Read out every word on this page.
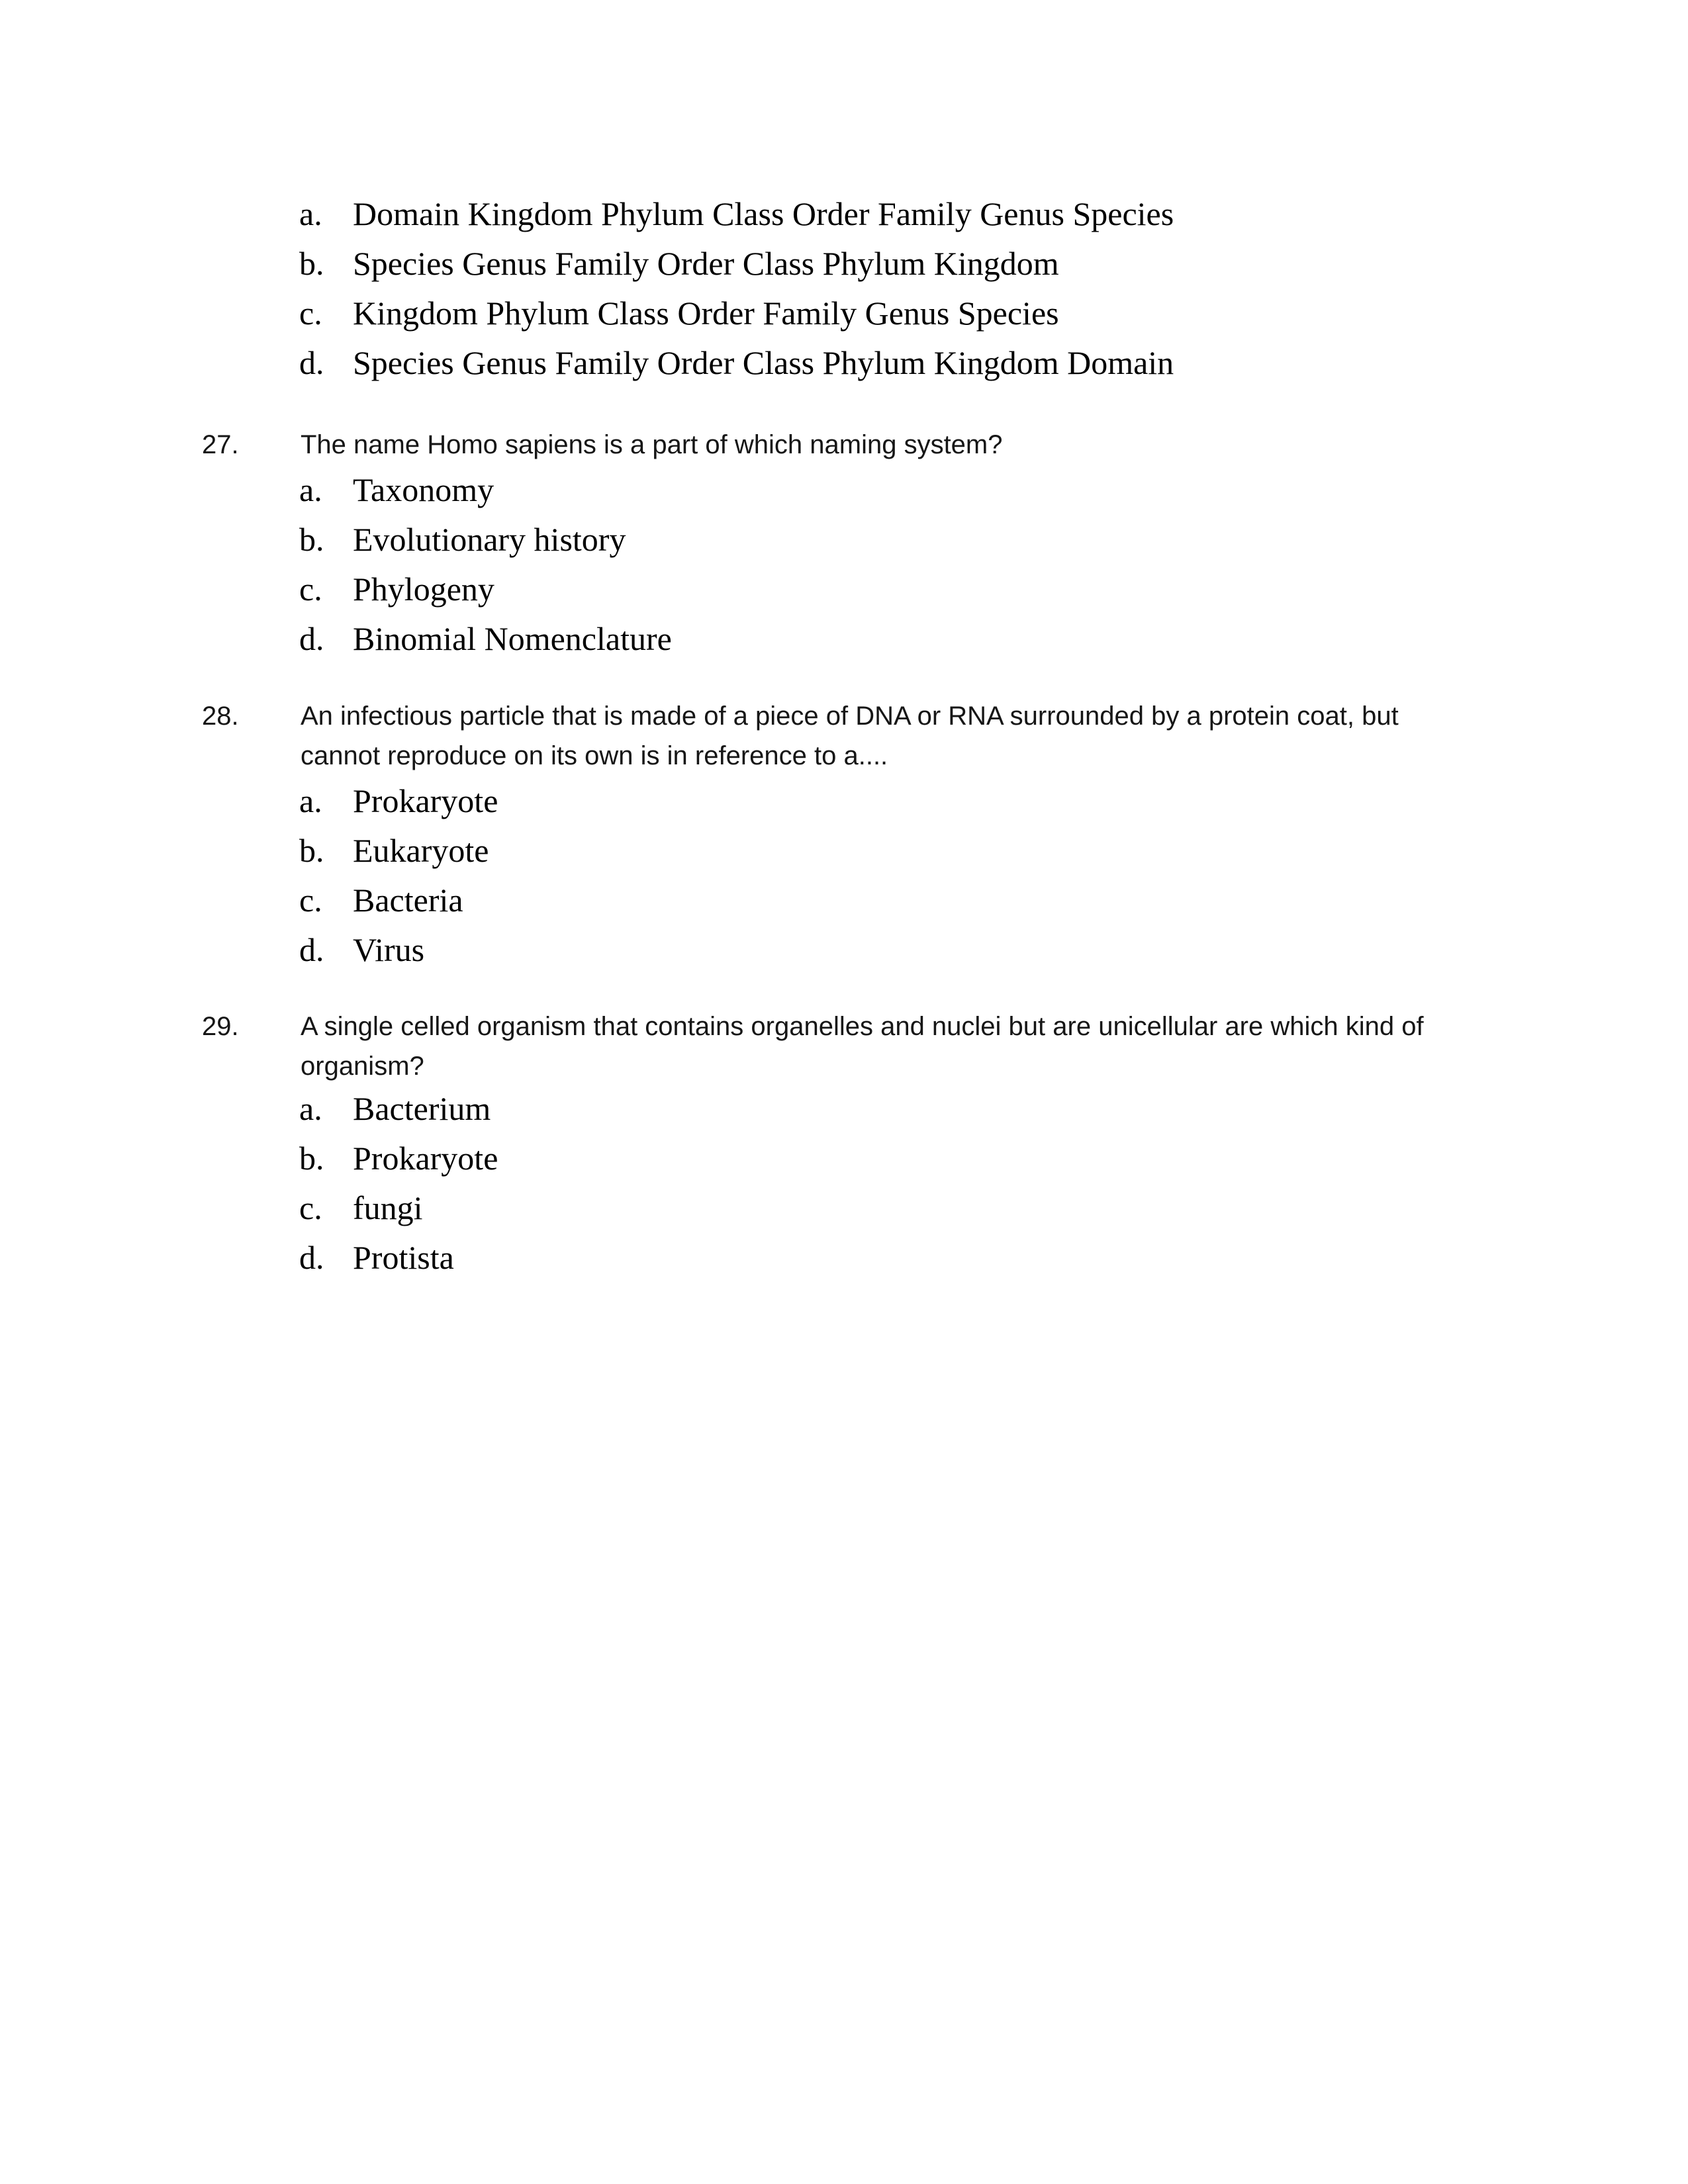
a. Domain Kingdom Phylum Class Order Family Genus Species
b. Species Genus Family Order Class Phylum Kingdom
c. Kingdom Phylum Class Order Family Genus Species
d. Species Genus Family Order Class Phylum Kingdom Domain
27. The name Homo sapiens is a part of which naming system?
a. Taxonomy
b. Evolutionary history
c. Phylogeny
d. Binomial Nomenclature
28. An infectious particle that is made of a piece of DNA or RNA surrounded by a protein coat, but
cannot reproduce on its own is in reference to a....
a. Prokaryote
b. Eukaryote
c. Bacteria
d. Virus
29. A single celled organism that contains organelles and nuclei but are unicellular are which kind of
organism?
a. Bacterium
b. Prokaryote
c. fungi
d. Protista
